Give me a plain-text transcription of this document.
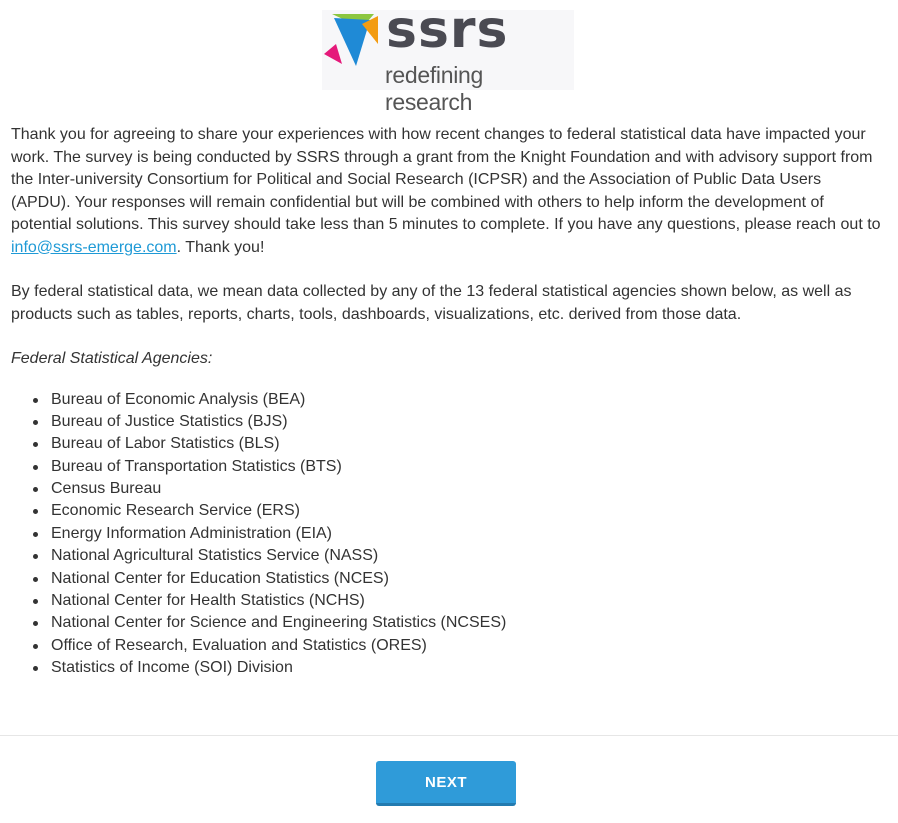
ssrs
redefining research

Thank you for agreeing to share your experiences with how recent changes to federal statistical data have impacted your work. The survey is being conducted by SSRS through a grant from the Knight Foundation and with advisory support from the Inter-university Consortium for Political and Social Research (ICPSR) and the Association of Public Data Users (APDU). Your responses will remain confidential but will be combined with others to help inform the development of potential solutions. This survey should take less than 5 minutes to complete. If you have any questions, please reach out to info@ssrs-emerge.com. Thank you!

By federal statistical data, we mean data collected by any of the 13 federal statistical agencies shown below, as well as products such as tables, reports, charts, tools, dashboards, visualizations, etc. derived from those data.

Federal Statistical Agencies:

Bureau of Economic Analysis (BEA)
Bureau of Justice Statistics (BJS)
Bureau of Labor Statistics (BLS)
Bureau of Transportation Statistics (BTS)
Census Bureau
Economic Research Service (ERS)
Energy Information Administration (EIA)
National Agricultural Statistics Service (NASS)
National Center for Education Statistics (NCES)
National Center for Health Statistics (NCHS)
National Center for Science and Engineering Statistics (NCSES)
Office of Research, Evaluation and Statistics (ORES)
Statistics of Income (SOI) Division
NEXT
